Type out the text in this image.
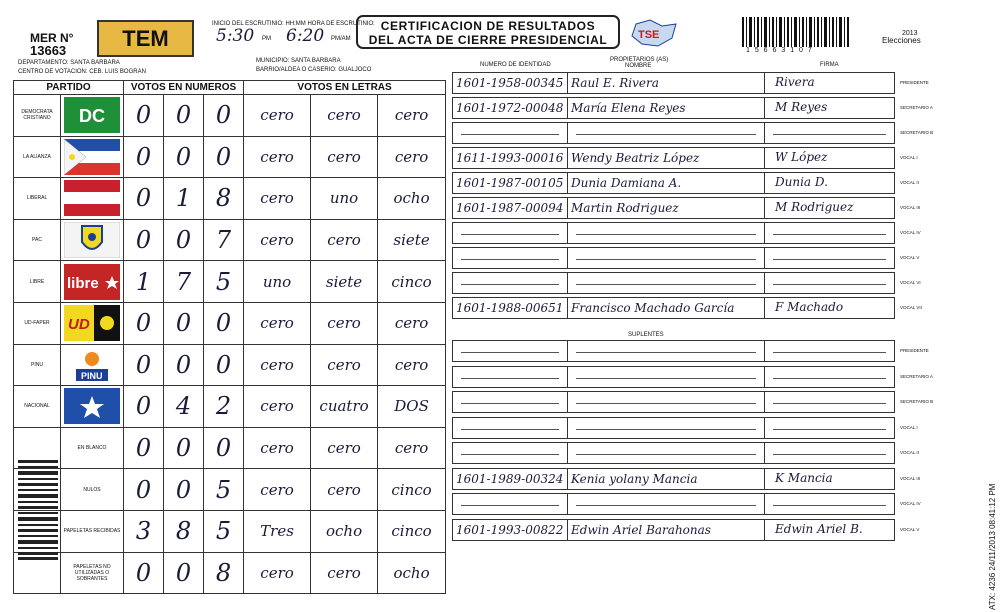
MER N°
13663	TEM
INICIO DEL ESCRUTINIO: HH:MM HORA DE ESCRUTINIO:
5:30 PM 6:20 PM/AM
CERTIFICACION DE RESULTADOS
DEL ACTA DE CIERRE PRESIDENCIAL	TSE
1 5 6 6 3 1 0 7
2013
Elecciones
DEPARTAMENTO: SANTA BARBARA
CENTRO DE VOTACION: CEB. LUIS BOGRAN
MUNICIPIO: SANTA BARBARA
BARRIO/ALDEA O CASERIO: GUALJOCO
NUMERO DE IDENTIDAD
PROPIETARIOS (AS)
NOMBRE	FIRMA
PARTIDO		VOTOS EN NUMEROS			VOTOS EN LETRAS		
DEMOCRATA CRISTIANO	DC	0	0	0	cero	cero	cero
LA ALIANZA		0	0	0	cero	cero	cero
LIBERAL		0	1	8	cero	uno	ocho
PAC		0	0	7	cero	cero	siete
LIBRE	libre	1	7	5	uno	siete	cinco
UD-FAPER	UD	0	0	0	cero	cero	cero
PINU	PINU	0	0	0	cero	cero	cero
NACIONAL		0	4	2	cero	cuatro	DOS
	EN BLANCO	0	0	0	cero	cero	cero
	NULOS	0	0	5	cero	cero	cinco
	PAPELETAS RECIBIDAS	3	8	5	Tres	ocho	cinco
	PAPELETAS NO UTILIZADAS O SOBRANTES	0	0	8	cero	cero	ocho
SUPLENTES
1601-1958-00345 Raul E. Rivera	Rivera	PRESIDENTE
1601-1972-00048 María Elena Reyes	M Reyes	SECRETARIO A
SECRETARIO B
1611-1993-00016 Wendy Beatriz López	W López	VOCAL I
1601-1987-00105 Dunia Damiana A.	Dunia D.	VOCAL II
1601-1987-00094 Martin Rodriguez	M Rodriguez	VOCAL III
VOCAL IV
VOCAL V
VOCAL VI
1601-1988-00651 Francisco Machado García	F Machado	VOCAL VII
PRESIDENTE
SECRETARIO A
SECRETARIO B
VOCAL I
VOCAL II
1601-1989-00324 Kenia yolany Mancia	K Mancia	VOCAL III
VOCAL IV
1601-1993-00822 Edwin Ariel Barahonas	Edwin Ariel B.	VOCAL V	ATX: 4236 24/11/2013 08:41:12 PM
